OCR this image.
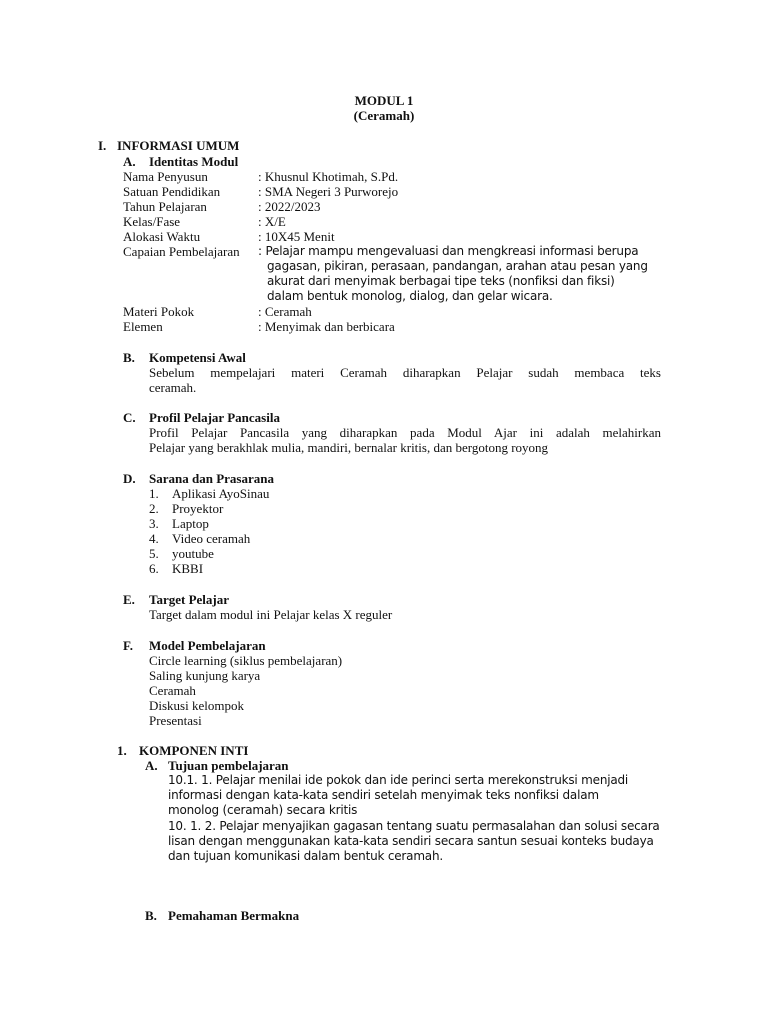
MODUL 1
(Ceramah)
I. INFORMASI UMUM
A. Identitas Modul
Nama Penyusun	: Khusnul Khotimah, S.Pd.
Satuan Pendidikan	: SMA Negeri 3 Purworejo
Tahun Pelajaran	: 2022/2023
Kelas/Fase	: X/E
Alokasi Waktu	: 10X45 Menit
Capaian Pembelajaran : Pelajar mampu mengevaluasi dan mengkreasi informasi berupa
gagasan, pikiran, perasaan, pandangan, arahan atau pesan yang
akurat dari menyimak berbagai tipe teks (nonfiksi dan fiksi)
dalam bentuk monolog, dialog, dan gelar wicara.
Materi Pokok	: Ceramah
Elemen	: Menyimak dan berbicara
B. Kompetensi Awal
Sebelum mempelajari materi Ceramah diharapkan Pelajar sudah membaca teks
ceramah.
C. Profil Pelajar Pancasila
Profil Pelajar Pancasila yang diharapkan pada Modul Ajar ini adalah melahirkan
Pelajar yang berakhlak mulia, mandiri, bernalar kritis, dan bergotong royong
D. Sarana dan Prasarana
1. Aplikasi AyoSinau
2. Proyektor
3. Laptop
4. Video ceramah
5. youtube
6. KBBI
E. Target Pelajar
Target dalam modul ini Pelajar kelas X reguler
F. Model Pembelajaran
Circle learning (siklus pembelajaran)
Saling kunjung karya
Ceramah
Diskusi kelompok
Presentasi
1. KOMPONEN INTI
A. Tujuan pembelajaran
10.1. 1. Pelajar menilai ide pokok dan ide perinci serta merekonstruksi menjadi
informasi dengan kata-kata sendiri setelah menyimak teks nonfiksi dalam
monolog (ceramah) secara kritis
10. 1. 2. Pelajar menyajikan gagasan tentang suatu permasalahan dan solusi secara
lisan dengan menggunakan kata-kata sendiri secara santun sesuai konteks budaya
dan tujuan komunikasi dalam bentuk ceramah.
B. Pemahaman Bermakna
